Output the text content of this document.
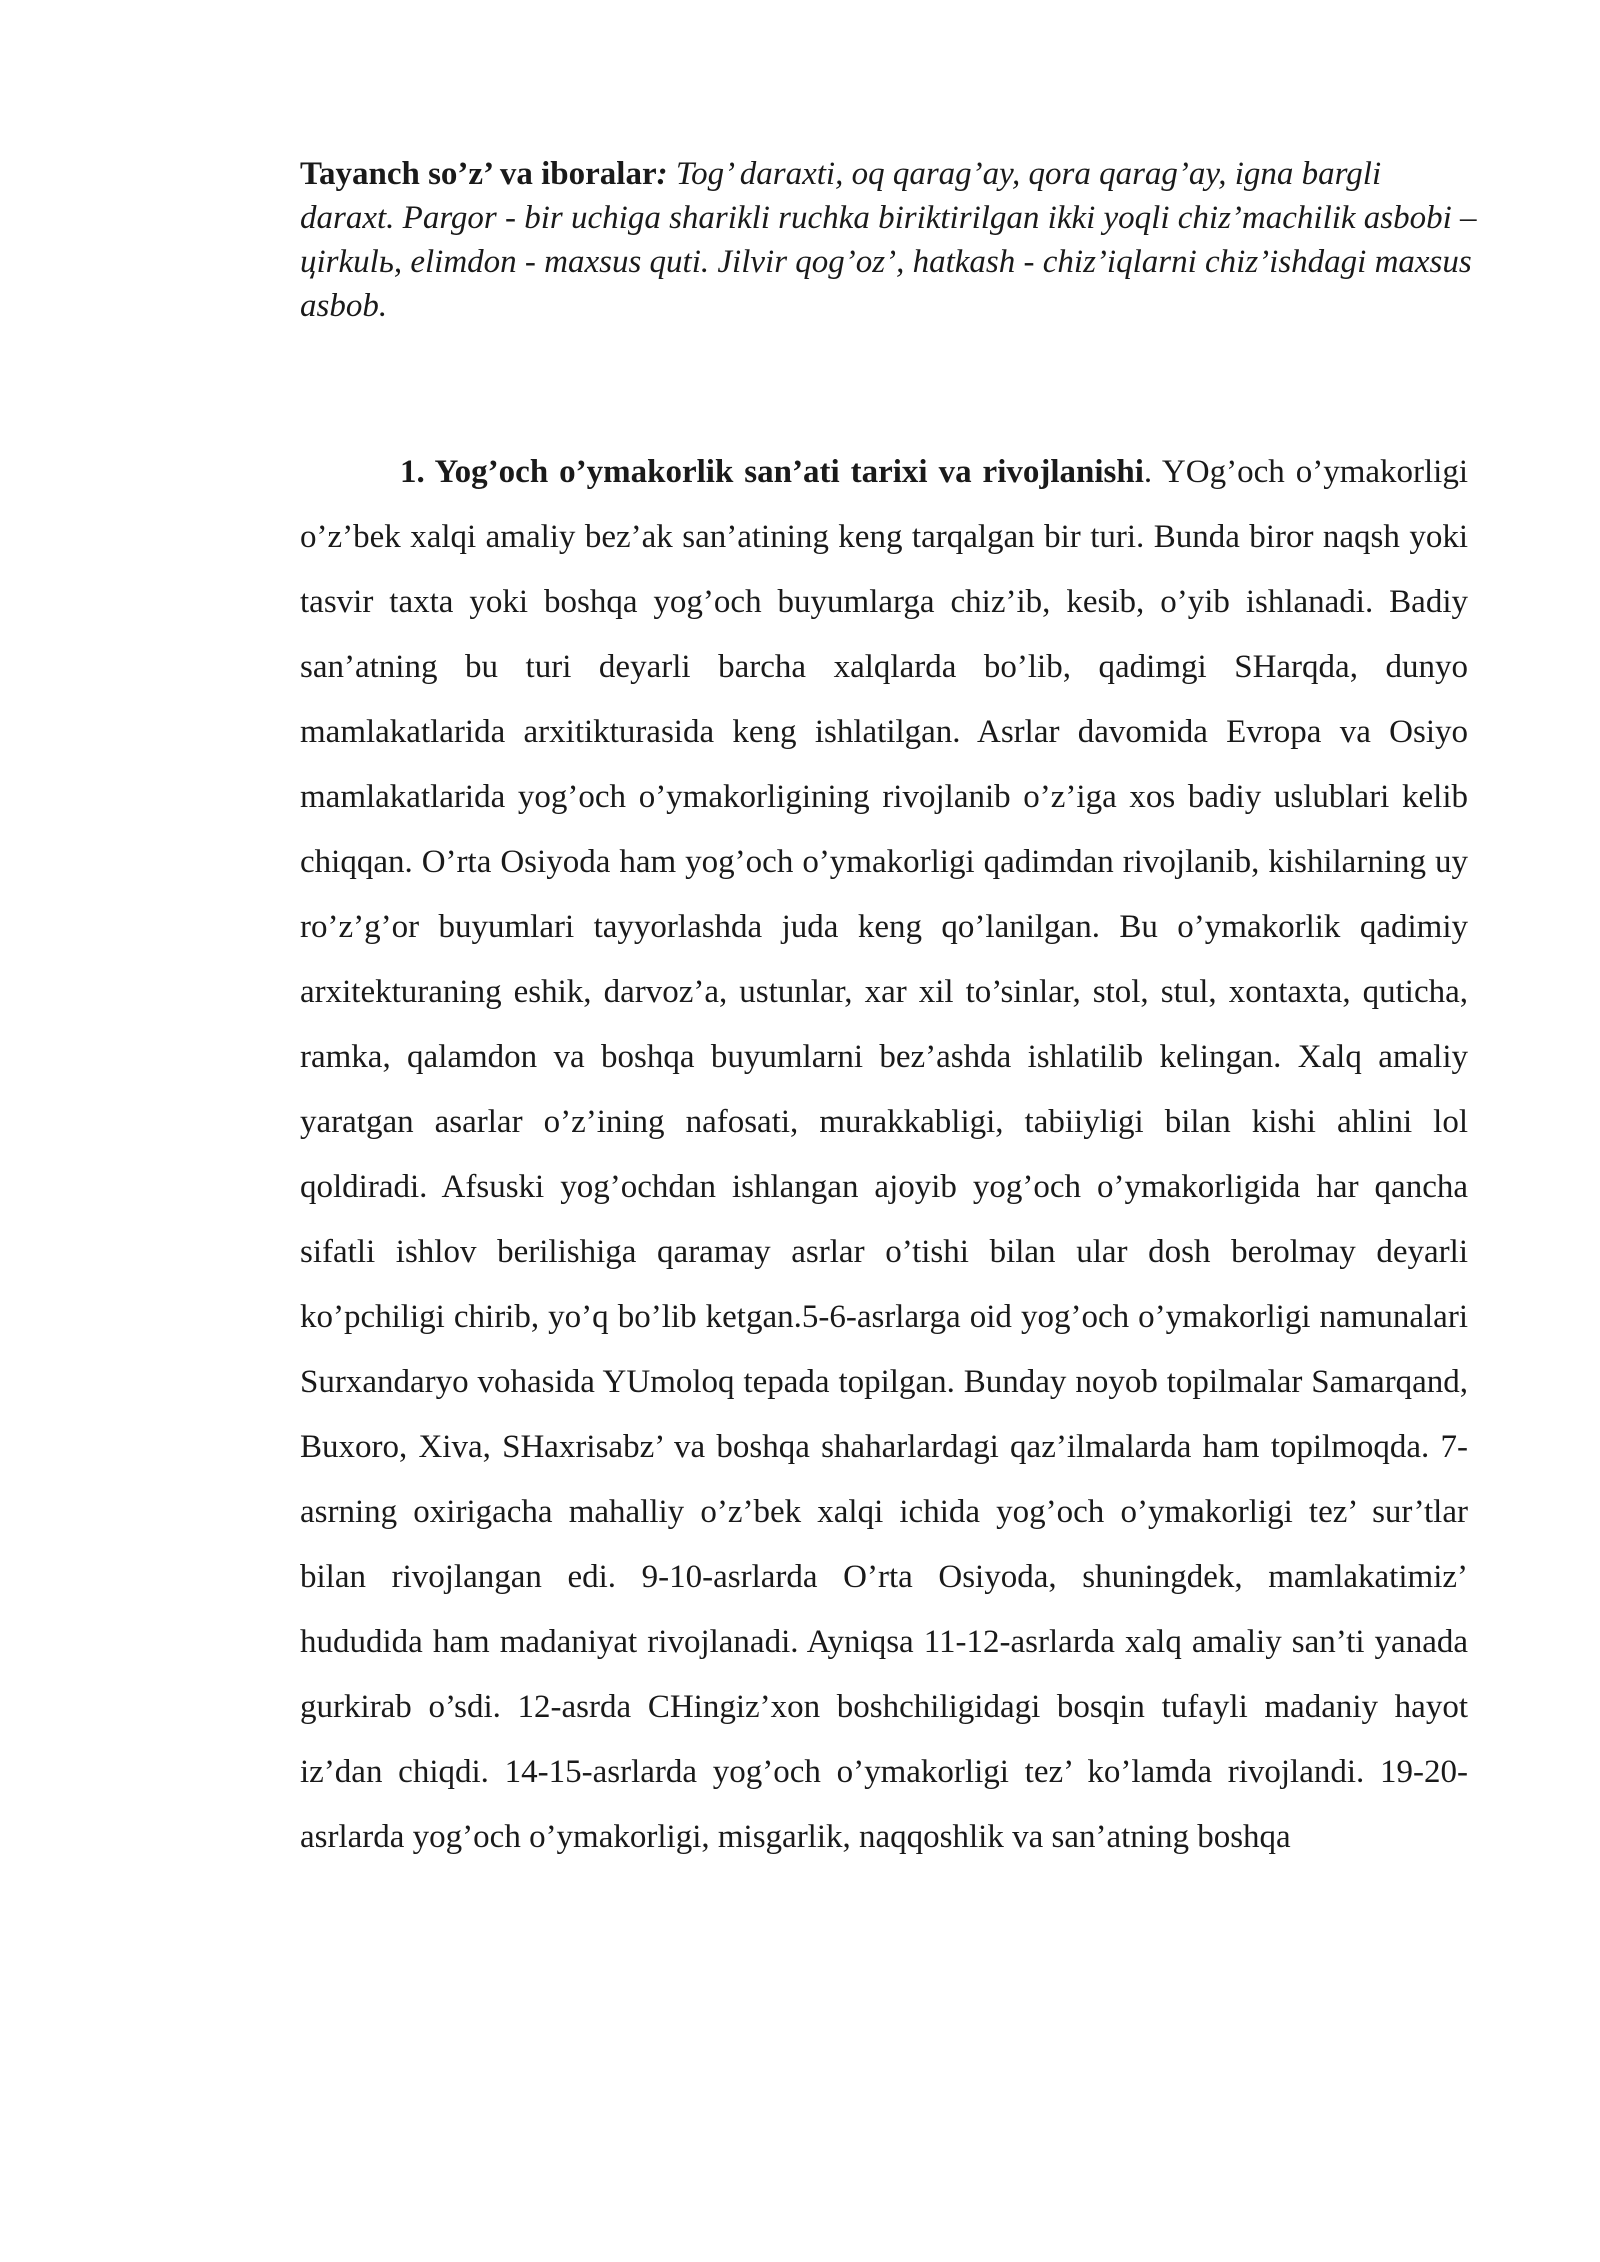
Tayanch so’z’ va iboralar: Tog’ daraxti, oq qarag’ay, qora qarag’ay, igna bargli daraxt. Pargor - bir uchiga sharikli ruchka biriktirilgan ikki yoqli chiz’machilik asbobi – цirkulь, elimdon - maxsus quti. Jilvir qog’oz’, hatkash - chiz’iqlarni chiz’ishdagi maxsus asbob.

1. Yog’och o’ymakorlik san’ati tarixi va rivojlanishi. YOg’och o’ymakorligi o’z’bek xalqi amaliy bez’ak san’atining keng tarqalgan bir turi. Bunda biror naqsh yoki tasvir taxta yoki boshqa yog’och buyumlarga chiz’ib, kesib, o’yib ishlanadi. Badiy san’atning bu turi deyarli barcha xalqlarda bo’lib, qadimgi SHarqda, dunyo mamlakatlarida arxitikturasida keng ishlatilgan. Asrlar davomida Evropa va Osiyo mamlakatlarida yog’och o’ymakorligining rivojlanib o’z’iga xos badiy uslublari kelib chiqqan. O’rta Osiyoda ham yog’och o’ymakorligi qadimdan rivojlanib, kishilarning uy ro’z’g’or buyumlari tayyorlashda juda keng qo’lanilgan. Bu o’ymakorlik qadimiy arxitekturaning eshik, darvoz’a, ustunlar, xar xil to’sinlar, stol, stul, xontaxta, quticha, ramka, qalamdon va boshqa buyumlarni bez’ashda ishlatilib kelingan. Xalq amaliy yaratgan asarlar o’z’ining nafosati, murakkabligi, tabiiyligi bilan kishi ahlini lol qoldiradi. Afsuski yog’ochdan ishlangan ajoyib yog’och o’ymakorligida har qancha sifatli ishlov berilishiga qaramay asrlar o’tishi bilan ular dosh berolmay deyarli ko’pchiligi chirib, yo’q bo’lib ketgan.5-6-asrlarga oid yog’och o’ymakorligi namunalari Surxandaryo vohasida YUmoloq tepada topilgan. Bunday noyob topilmalar Samarqand, Buxoro, Xiva, SHaxrisabz’ va boshqa shaharlardagi qaz’ilmalarda ham topilmoqda. 7-asrning oxirigacha mahalliy o’z’bek xalqi ichida yog’och o’ymakorligi tez’ sur’tlar bilan rivojlangan edi. 9-10-asrlarda O’rta Osiyoda, shuningdek, mamlakatimiz’ hududida ham madaniyat rivojlanadi. Ayniqsa 11-12-asrlarda xalq amaliy san’ti yanada gurkirab o’sdi. 12-asrda CHingiz’xon boshchiligidagi bosqin tufayli madaniy hayot iz’dan chiqdi. 14-15-asrlarda yog’och o’ymakorligi tez’ ko’lamda rivojlandi. 19-20-asrlarda yog’och o’ymakorligi, misgarlik, naqqoshlik va san’atning boshqa
